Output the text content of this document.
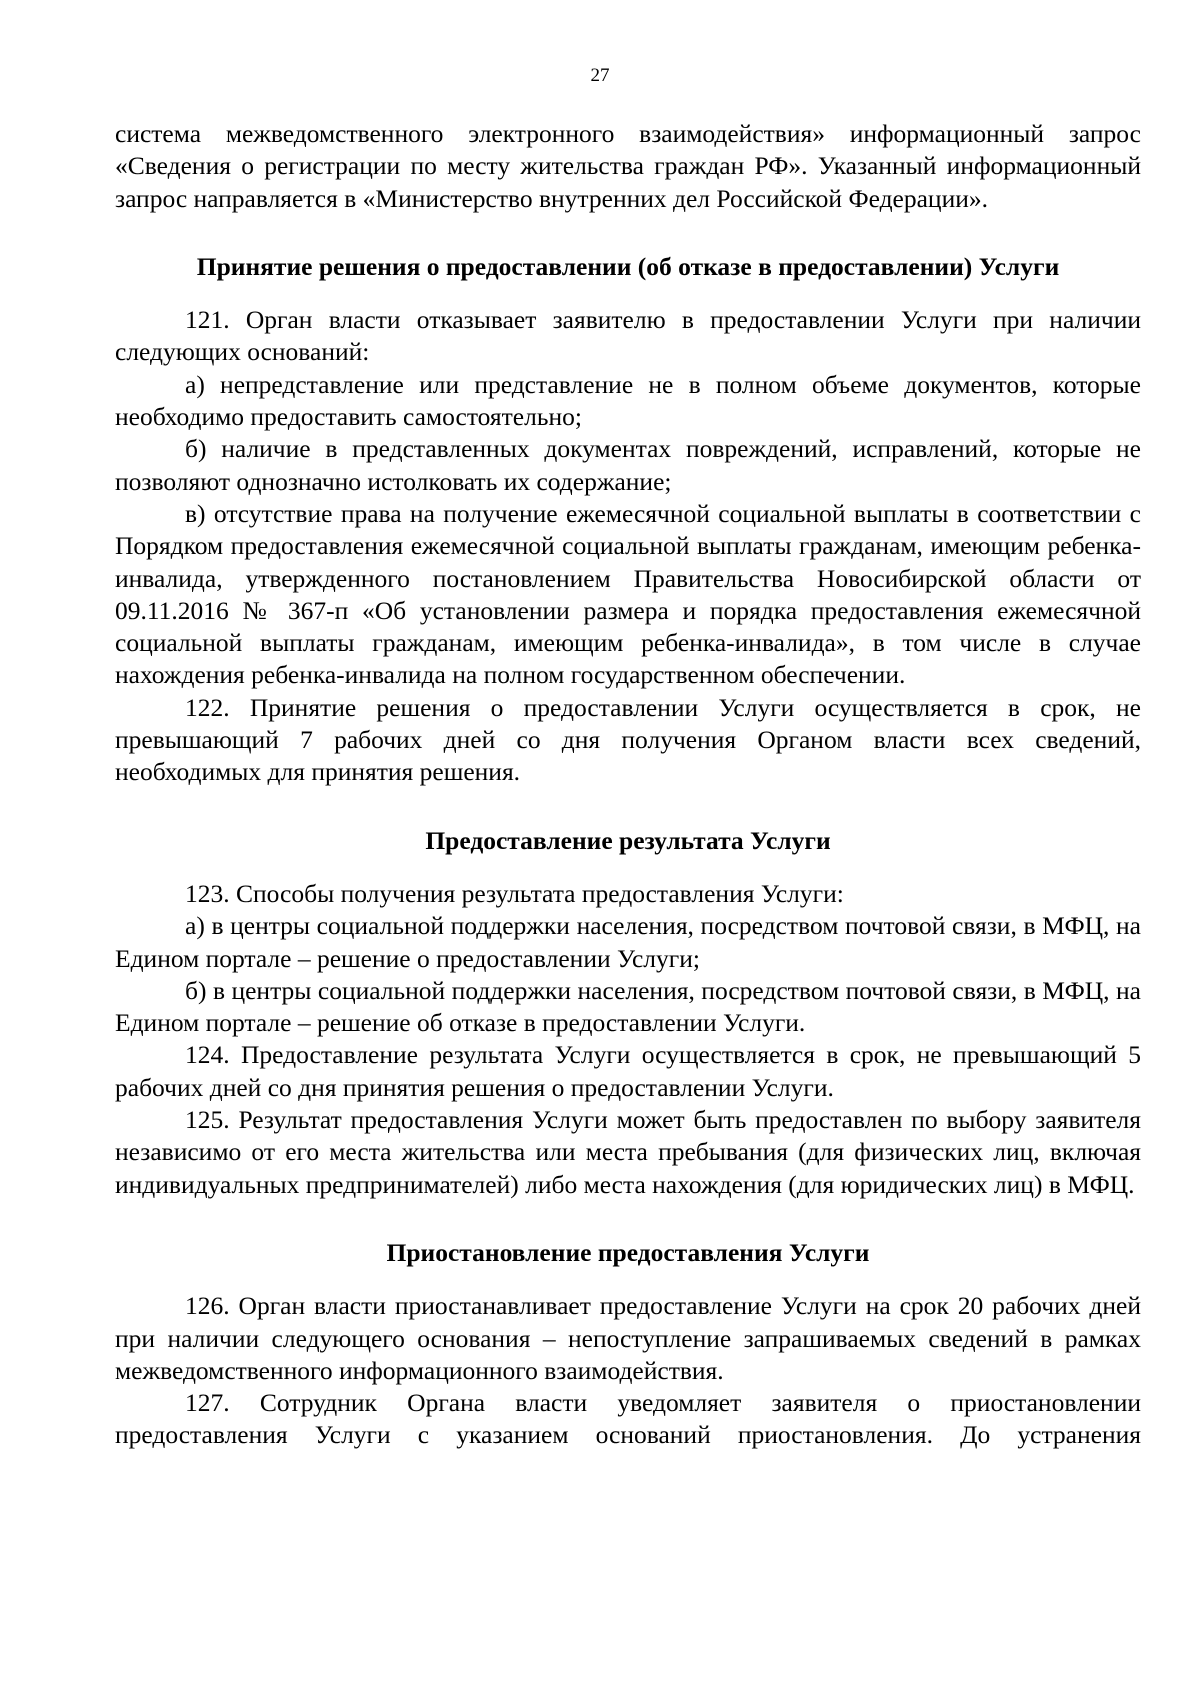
27

система межведомственного электронного взаимодействия» информационный запрос «Сведения о регистрации по месту жительства граждан РФ». Указанный информационный запрос направляется в «Министерство внутренних дел Российской Федерации».

Принятие решения о предоставлении (об отказе в предоставлении) Услуги

121. Орган власти отказывает заявителю в предоставлении Услуги при наличии следующих оснований:

а) непредставление или представление не в полном объеме документов, которые необходимо предоставить самостоятельно;

б) наличие в представленных документах повреждений, исправлений, которые не позволяют однозначно истолковать их содержание;

в) отсутствие права на получение ежемесячной социальной выплаты в соответствии с Порядком предоставления ежемесячной социальной выплаты гражданам, имеющим ребенка-инвалида, утвержденного постановлением Правительства Новосибирской области от 09.11.2016 № 367-п «Об установлении размера и порядка предоставления ежемесячной социальной выплаты гражданам, имеющим ребенка-инвалида», в том числе в случае нахождения ребенка-инвалида на полном государственном обеспечении.

122. Принятие решения о предоставлении Услуги осуществляется в срок, не превышающий 7 рабочих дней со дня получения Органом власти всех сведений, необходимых для принятия решения.

Предоставление результата Услуги

123. Способы получения результата предоставления Услуги:

а) в центры социальной поддержки населения, посредством почтовой связи, в МФЦ, на Едином портале – решение о предоставлении Услуги;

б) в центры социальной поддержки населения, посредством почтовой связи, в МФЦ, на Едином портале – решение об отказе в предоставлении Услуги.

124. Предоставление результата Услуги осуществляется в срок, не превышающий 5 рабочих дней со дня принятия решения о предоставлении Услуги.

125. Результат предоставления Услуги может быть предоставлен по выбору заявителя независимо от его места жительства или места пребывания (для физических лиц, включая индивидуальных предпринимателей) либо места нахождения (для юридических лиц) в МФЦ.

Приостановление предоставления Услуги

126. Орган власти приостанавливает предоставление Услуги на срок 20 рабочих дней при наличии следующего основания – непоступление запрашиваемых сведений в рамках межведомственного информационного взаимодействия.

127. Сотрудник Органа власти уведомляет заявителя о приостановлении предоставления Услуги с указанием оснований приостановления. До устранения
